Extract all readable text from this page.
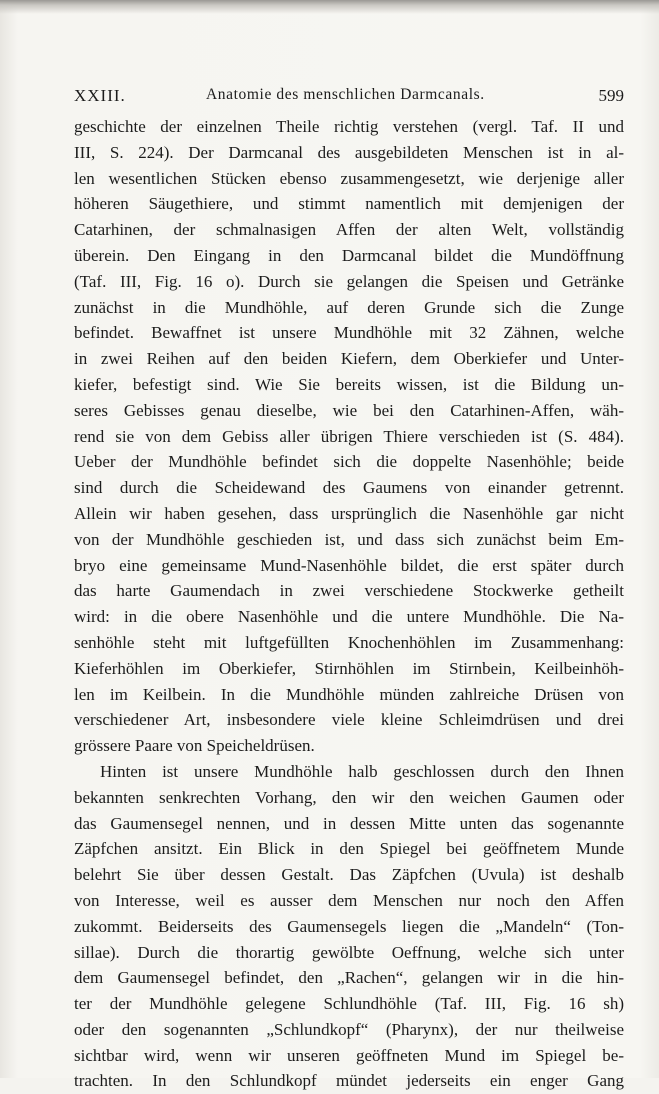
XXIII.	Anatomie des menschlichen Darmcanals.	599
geschichte der einzelnen Theile richtig verstehen (vergl. Taf. II und
III, S. 224). Der Darmcanal des ausgebildeten Menschen ist in al-
len wesentlichen Stücken ebenso zusammengesetzt, wie derjenige aller
höheren Säugethiere, und stimmt namentlich mit demjenigen der
Catarhinen, der schmalnasigen Affen der alten Welt, vollständig
überein. Den Eingang in den Darmcanal bildet die Mundöffnung
(Taf. III, Fig. 16 o). Durch sie gelangen die Speisen und Getränke
zunächst in die Mundhöhle, auf deren Grunde sich die Zunge
befindet. Bewaffnet ist unsere Mundhöhle mit 32 Zähnen, welche
in zwei Reihen auf den beiden Kiefern, dem Oberkiefer und Unter-
kiefer, befestigt sind. Wie Sie bereits wissen, ist die Bildung un-
seres Gebisses genau dieselbe, wie bei den Catarhinen-Affen, wäh-
rend sie von dem Gebiss aller übrigen Thiere verschieden ist (S. 484).
Ueber der Mundhöhle befindet sich die doppelte Nasenhöhle; beide
sind durch die Scheidewand des Gaumens von einander getrennt.
Allein wir haben gesehen, dass ursprünglich die Nasenhöhle gar nicht
von der Mundhöhle geschieden ist, und dass sich zunächst beim Em-
bryo eine gemeinsame Mund-Nasenhöhle bildet, die erst später durch
das harte Gaumendach in zwei verschiedene Stockwerke getheilt
wird: in die obere Nasenhöhle und die untere Mundhöhle. Die Na-
senhöhle steht mit luftgefüllten Knochenhöhlen im Zusammenhang:
Kieferhöhlen im Oberkiefer, Stirnhöhlen im Stirnbein, Keilbeinhöh-
len im Keilbein. In die Mundhöhle münden zahlreiche Drüsen von
verschiedener Art, insbesondere viele kleine Schleimdrüsen und drei
grössere Paare von Speicheldrüsen.
Hinten ist unsere Mundhöhle halb geschlossen durch den Ihnen
bekannten senkrechten Vorhang, den wir den weichen Gaumen oder
das Gaumensegel nennen, und in dessen Mitte unten das sogenannte
Zäpfchen ansitzt. Ein Blick in den Spiegel bei geöffnetem Munde
belehrt Sie über dessen Gestalt. Das Zäpfchen (Uvula) ist deshalb
von Interesse, weil es ausser dem Menschen nur noch den Affen
zukommt. Beiderseits des Gaumensegels liegen die „Mandeln“ (Ton-
sillae). Durch die thorartig gewölbte Oeffnung, welche sich unter
dem Gaumensegel befindet, den „Rachen“, gelangen wir in die hin-
ter der Mundhöhle gelegene Schlundhöhle (Taf. III, Fig. 16 sh)
oder den sogenannten „Schlundkopf“ (Pharynx), der nur theilweise
sichtbar wird, wenn wir unseren geöffneten Mund im Spiegel be-
trachten. In den Schlundkopf mündet jederseits ein enger Gang
